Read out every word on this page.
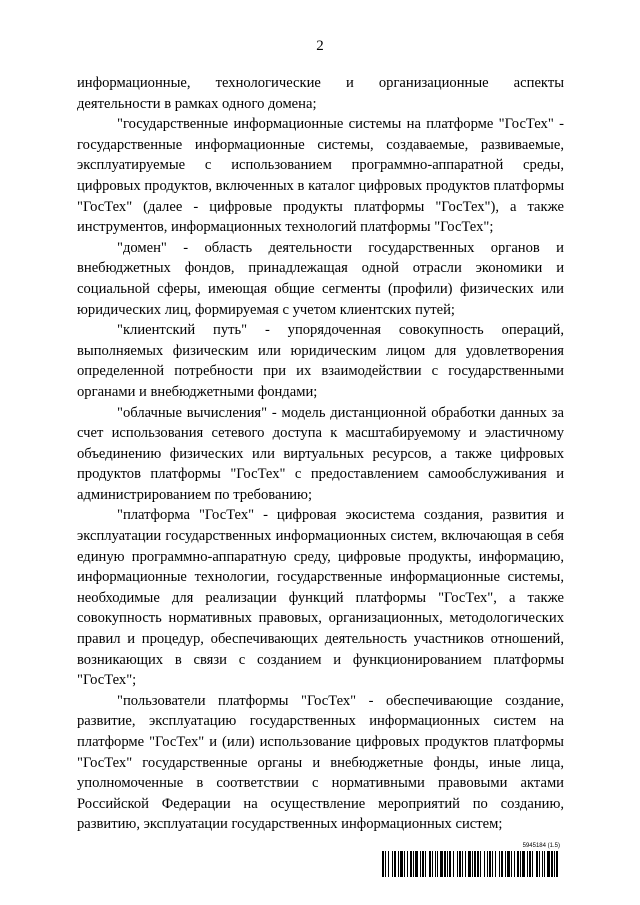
2

информационные, технологические и организационные аспекты деятельности в рамках одного домена;

"государственные информационные системы на платформе "ГосТех" - государственные информационные системы, создаваемые, развиваемые, эксплуатируемые с использованием программно-аппаратной среды, цифровых продуктов, включенных в каталог цифровых продуктов платформы "ГосТех" (далее - цифровые продукты платформы "ГосТех"), а также инструментов, информационных технологий платформы "ГосТех";

"домен" - область деятельности государственных органов и внебюджетных фондов, принадлежащая одной отрасли экономики и социальной сферы, имеющая общие сегменты (профили) физических или юридических лиц, формируемая с учетом клиентских путей;

"клиентский путь" - упорядоченная совокупность операций, выполняемых физическим или юридическим лицом для удовлетворения определенной потребности при их взаимодействии с государственными органами и внебюджетными фондами;

"облачные вычисления" - модель дистанционной обработки данных за счет использования сетевого доступа к масштабируемому и эластичному объединению физических или виртуальных ресурсов, а также цифровых продуктов платформы "ГосТех" с предоставлением самообслуживания и администрированием по требованию;

"платформа "ГосТех" - цифровая экосистема создания, развития и эксплуатации государственных информационных систем, включающая в себя единую программно-аппаратную среду, цифровые продукты, информацию, информационные технологии, государственные информационные системы, необходимые для реализации функций платформы "ГосТех", а также совокупность нормативных правовых, организационных, методологических правил и процедур, обеспечивающих деятельность участников отношений, возникающих в связи с созданием и функционированием платформы "ГосТех";

"пользователи платформы "ГосТех" - обеспечивающие создание, развитие, эксплуатацию государственных информационных систем на платформе "ГосТех" и (или) использование цифровых продуктов платформы "ГосТех" государственные органы и внебюджетные фонды, иные лица, уполномоченные в соответствии с нормативными правовыми актами Российской Федерации на осуществление мероприятий по созданию, развитию, эксплуатации государственных информационных систем;

5945184 (1.5)
